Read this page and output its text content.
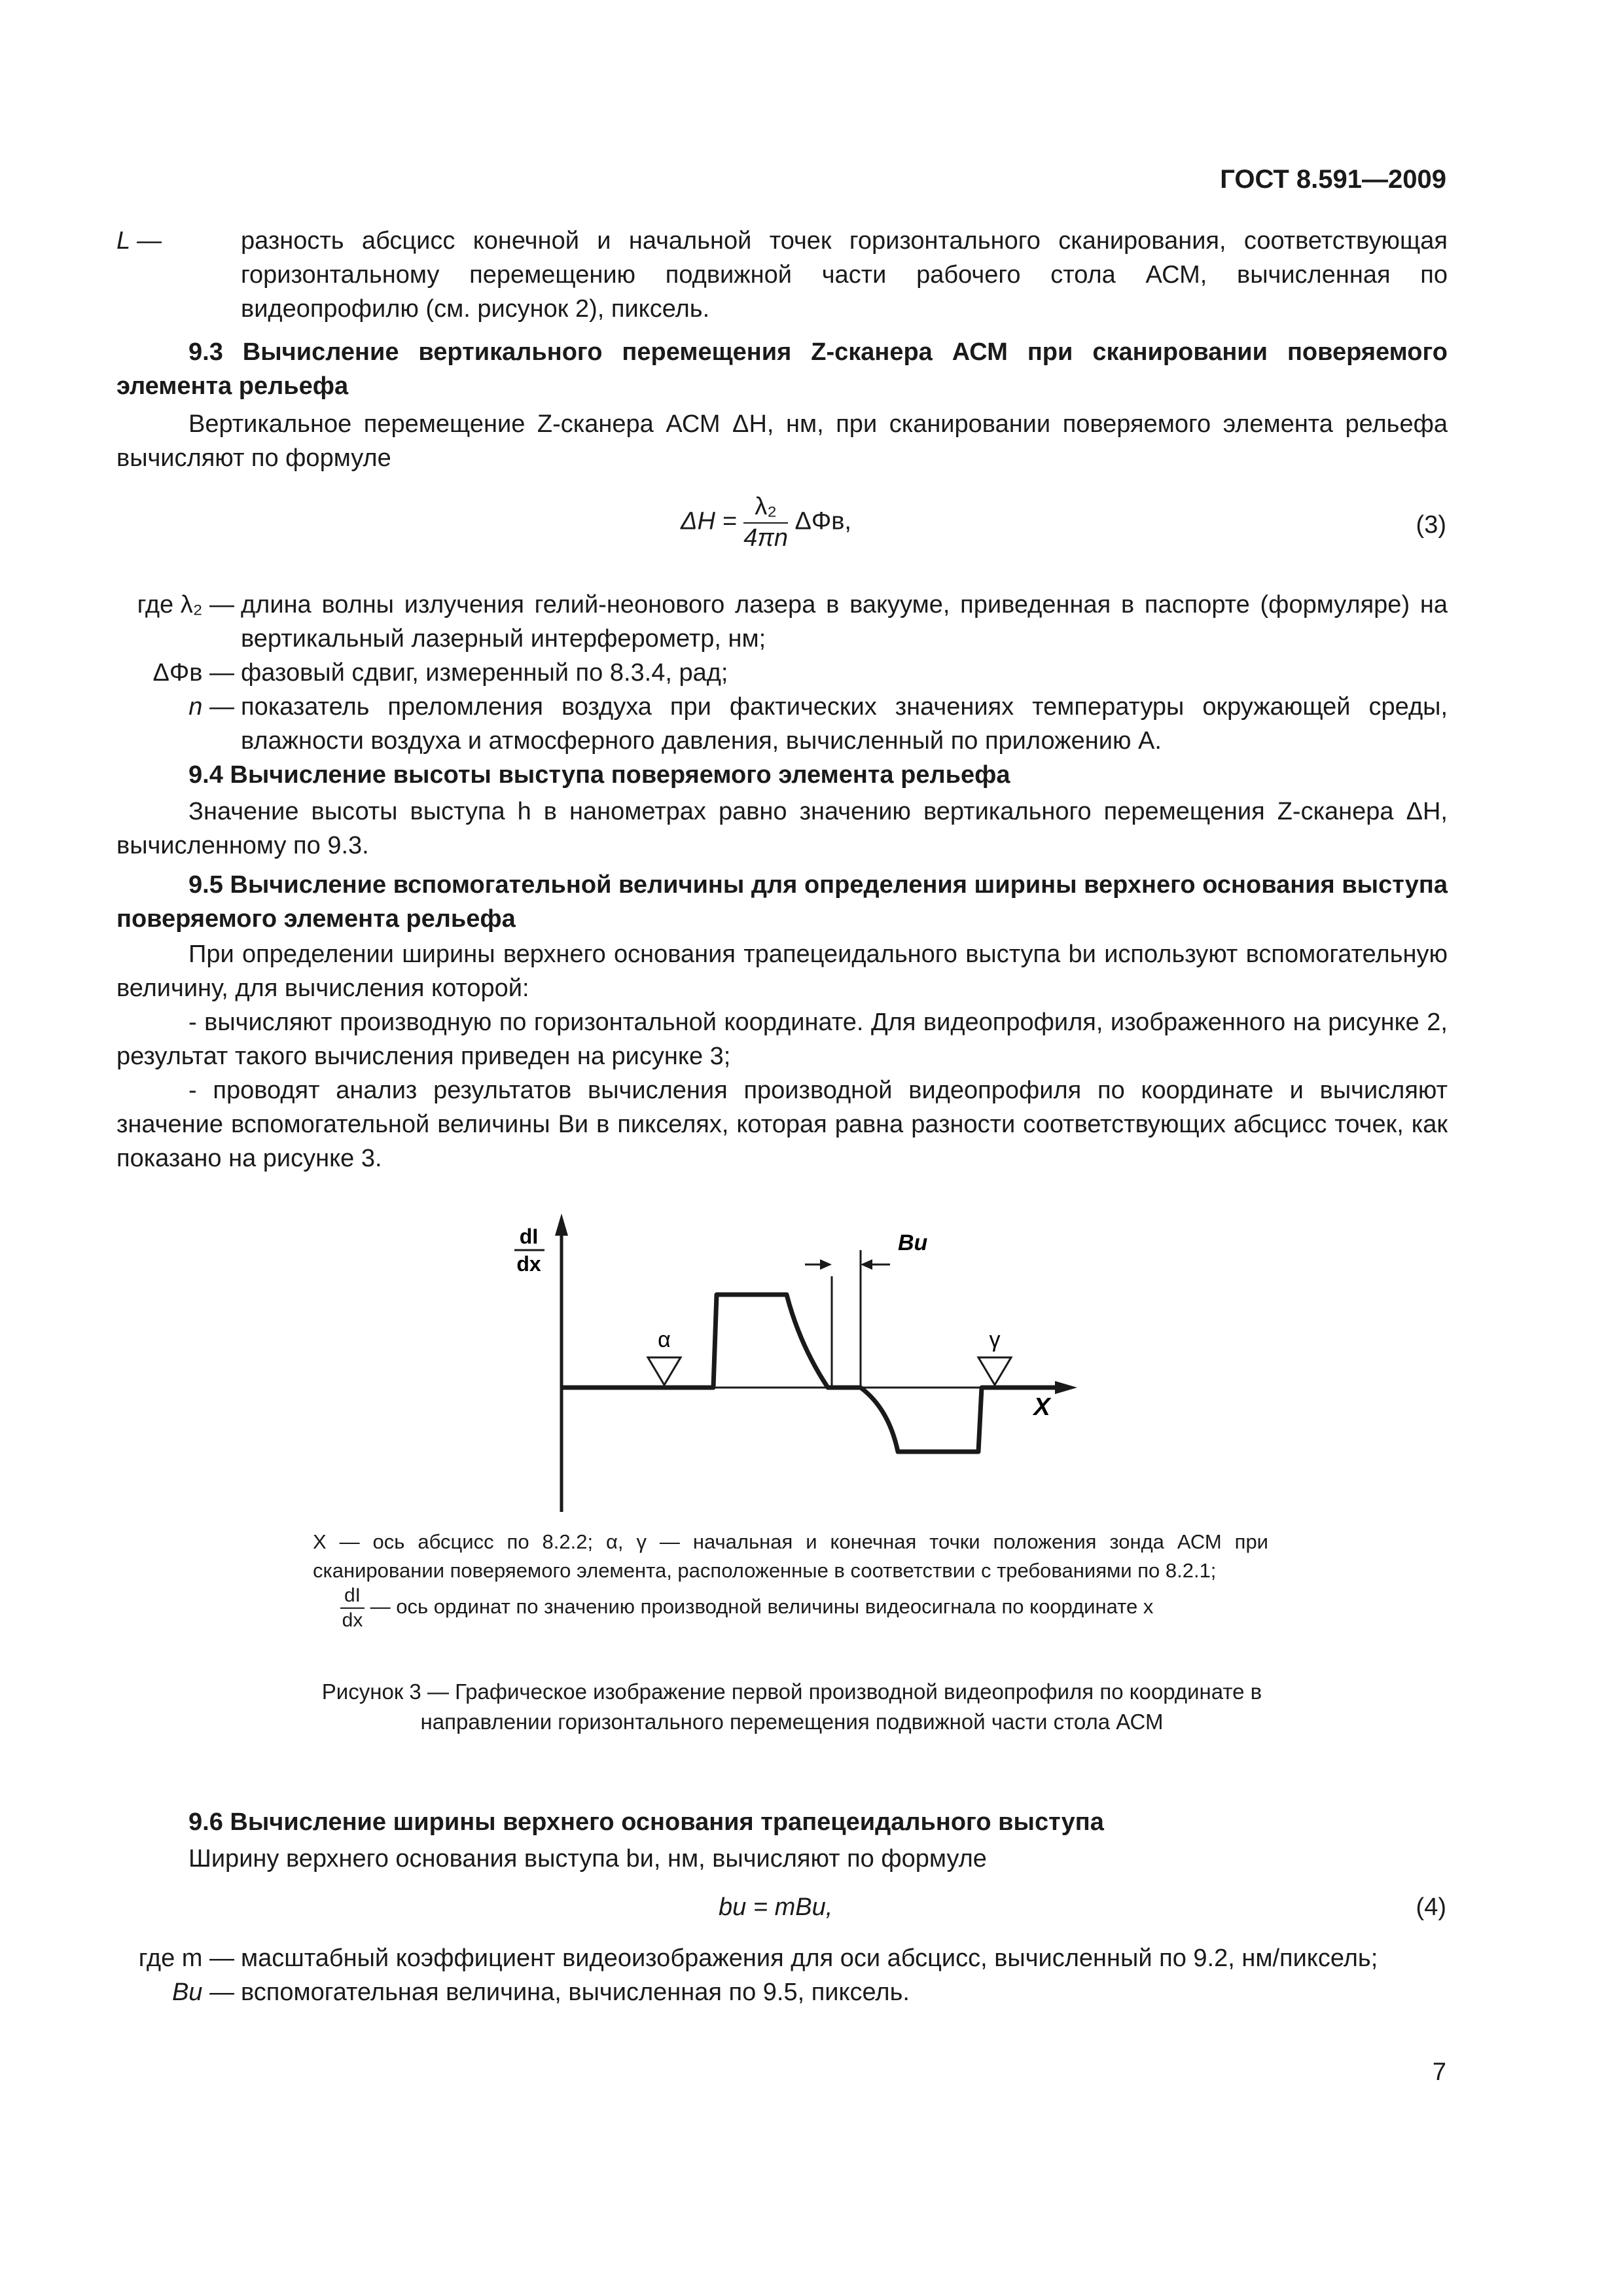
ГОСТ 8.591—2009
L —	разность абсцисс конечной и начальной точек горизонтального сканирования, соответствующая горизонтальному перемещению подвижной части рабочего стола АСМ, вычисленная по видеопрофилю (см. рисунок 2), пиксель.
9.3 Вычисление вертикального перемещения Z-сканера АСМ при сканировании поверяемого элемента рельефа
Вертикальное перемещение Z-сканера АСМ ΔH, нм, при сканировании поверяемого элемента рельефа вычисляют по формуле
$\Delta H = \frac{\text{λ₂}}{4\pi n} \Delta\Phi в$,	(3)
где λ₂ — длина волны излучения гелий-неонового лазера в вакууме, приведенная в паспорте (формуляре) на вертикальный лазерный интерферометр, нм;
ΔΦв — фазовый сдвиг, измеренный по 8.3.4, рад;
n — показатель преломления воздуха при фактических значениях температуры окружающей среды, влажности воздуха и атмосферного давления, вычисленный по приложению А.
9.4 Вычисление высоты выступа поверяемого элемента рельефа
Значение высоты выступа h в нанометрах равно значению вертикального перемещения Z-сканера ΔH, вычисленному по 9.3.
9.5 Вычисление вспомогательной величины для определения ширины верхнего основания выступа поверяемого элемента рельефа
При определении ширины верхнего основания трапецеидального выступа bи используют вспомогательную величину, для вычисления которой:
- вычисляют производную по горизонтальной координате. Для видеопрофиля, изображенного на рисунке 2, результат такого вычисления приведен на рисунке 3;
- проводят анализ результатов вычисления производной видеопрофиля по координате и вычисляют значение вспомогательной величины Bи в пикселях, которая равна разности соответствующих абсцисс точек, как показано на рисунке 3.
dI
dx
X
α	γ
Bи
X — ось абсцисс по 8.2.2; α, γ — начальная и конечная точки положения зонда АСМ при сканировании поверяемого элемента, расположенные в соответствии с требованиями по 8.2.1;
$\frac{dI}{dx}$ — ось ординат по значению производной величины видеосигнала по координате x
Рисунок 3 — Графическое изображение первой производной видеопрофиля по координате в направлении горизонтального перемещения подвижной части стола АСМ
9.6 Вычисление ширины верхнего основания трапецеидального выступа
Ширину верхнего основания выступа bи, нм, вычисляют по формуле
bи = mBи,	(4)
где m — масштабный коэффициент видеоизображения для оси абсцисс, вычисленный по 9.2, нм/пиксель;
Bи — вспомогательная величина, вычисленная по 9.5, пиксель.
7
